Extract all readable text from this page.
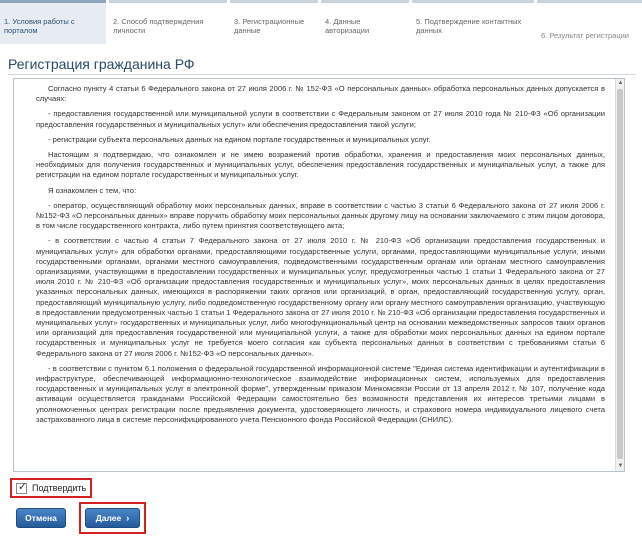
1. Условия работы с порталом
2. Способ подтверждения личности
3. Регистрационные данные
4. Данные авторизации
5. Подтверждение контактных данных
6. Результат регистрации
Регистрация гражданина РФ

Согласно пункту 4 статьи 6 Федерального закона от 27 июля 2006 г. № 152-ФЗ «О персональных данных» обработка персональных данных допускается в случаях:

- предоставления государственной или муниципальной услуги в соответствии с Федеральным законом от 27 июля 2010 года № 210-ФЗ «Об организации предоставления государственных и муниципальных услуг» или обеспечения предоставления такой услуги;

- регистрации субъекта персональных данных на едином портале государственных и муниципальных услуг.

Настоящим я подтверждаю, что ознакомлен и не имею возражений против обработки, хранения и предоставления моих персональных данных, необходимых для получения государственных и муниципальных услуг, обеспечения предоставления государственных и муниципальных услуг, а также для регистрации на едином портале государственных и муниципальных услуг.

Я ознакомлен с тем, что:

- оператор, осуществляющий обработку моих персональных данных, вправе в соответствии с частью 3 статьи 6 Федерального закона от 27 июля 2006 г. №152-ФЗ «О персональных данных» вправе поручить обработку моих персональных данных другому лицу на основании заключаемого с этим лицом договора, в том числе государственного контракта, либо путем принятия соответствующего акта;

- в соответствии с частью 4 статьи 7 Федерального закона от 27 июля 2010 г. № 210-ФЗ «Об организации предоставления государственных и муниципальных услуг» для обработки органами, предоставляющими государственные услуги, органами, предоставляющими муниципальные услуги, иными государственными органами, органами местного самоуправления, подведомственными государственным органам или органам местного самоуправления организациями, участвующими в предоставлении государственных и муниципальных услуг, предусмотренных частью 1 статьи 1 Федерального закона от 27 июля 2010 г. № 210-ФЗ «Об организации предоставления государственных и муниципальных услуг», моих персональных данных в целях предоставления указанных персональных данных, имеющихся в распоряжении таких органов или организаций, в орган, предоставляющий государственную услугу, орган, предоставляющий муниципальную услугу, либо подведомственную государственному органу или органу местного самоуправления организацию, участвующую в предоставлении предусмотренных частью 1 статьи 1 Федерального закона от 27 июля 2010 г. № 210-ФЗ «Об организации предоставления государственных и муниципальных услуг» государственных и муниципальных услуг, либо многофункциональный центр на основании межведомственных запросов таких органов или организаций для предоставления государственной или муниципальной услуги, а также для обработки моих персональных данных на едином портале государственных и муниципальных услуг не требуется моего согласия как субъекта персональных данных в соответствии с требованиями статьи 6 Федерального закона от 27 июля 2006 г. №152-ФЗ «О персональных данных».

- в соответствии с пунктом 6.1 положения о федеральной государственной информационной системе "Единая система идентификации и аутентификации в инфраструктуре, обеспечивающей информационно-технологическое взаимодействие информационных систем, используемых для предоставления государственных и муниципальных услуг в электронной форме", утвержденным приказом Минкомсвязи России от 13 апреля 2012 г. № 107, получение кода активации осуществляется гражданами Российской Федерации самостоятельно без возможности представления их интересов третьими лицами в уполномоченных центрах регистрации после предъявления документа, удостоверяющего личность, и страхового номера индивидуального лицевого счета застрахованного лица в системе персонифицированного учета Пенсионного фонда Российской Федерации (СНИЛС).

▲
▼
✓ Подтвердить
Отмена	Далее ›
